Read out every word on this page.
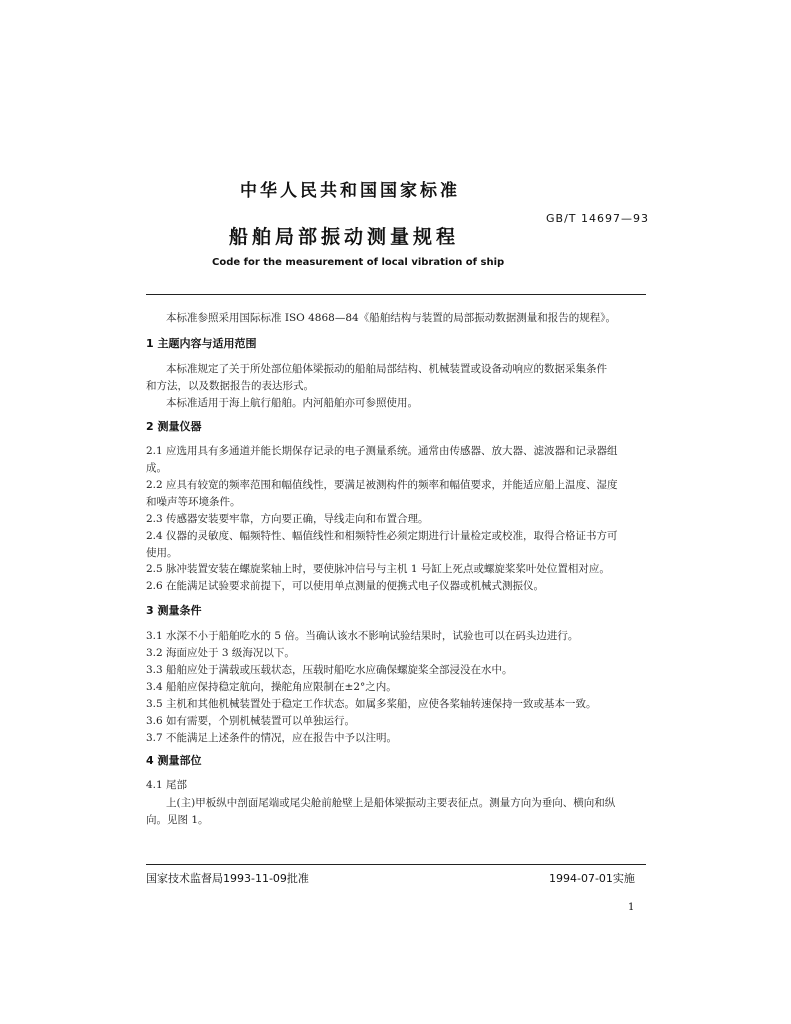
中华人民共和国国家标准
GB/T 14697—93
船舶局部振动测量规程
Code for the measurement of local vibration of ship
本标准参照采用国际标准 ISO 4868—84《船舶结构与装置的局部振动数据测量和报告的规程》。
1 主题内容与适用范围
本标准规定了关于所处部位船体梁振动的船舶局部结构、机械装置或设备动响应的数据采集条件
和方法，以及数据报告的表达形式。
本标准适用于海上航行船舶。内河船舶亦可参照使用。
2 测量仪器
2.1 应选用具有多通道并能长期保存记录的电子测量系统。通常由传感器、放大器、滤波器和记录器组
成。
2.2 应具有较宽的频率范围和幅值线性，要满足被测构件的频率和幅值要求，并能适应船上温度、湿度
和噪声等环境条件。
2.3 传感器安装要牢靠，方向要正确，导线走向和布置合理。
2.4 仪器的灵敏度、幅频特性、幅值线性和相频特性必须定期进行计量检定或校准，取得合格证书方可
使用。
2.5 脉冲装置安装在螺旋桨轴上时，要使脉冲信号与主机 1 号缸上死点或螺旋桨桨叶处位置相对应。
2.6 在能满足试验要求前提下，可以使用单点测量的便携式电子仪器或机械式测振仪。
3 测量条件
3.1 水深不小于船舶吃水的 5 倍。当确认该水不影响试验结果时，试验也可以在码头边进行。
3.2 海面应处于 3 级海况以下。
3.3 船舶应处于满载或压载状态，压载时船吃水应确保螺旋桨全部浸没在水中。
3.4 船舶应保持稳定航向，操舵角应限制在±2°之内。
3.5 主机和其他机械装置处于稳定工作状态。如属多桨船，应使各桨轴转速保持一致或基本一致。
3.6 如有需要，个别机械装置可以单独运行。
3.7 不能满足上述条件的情况，应在报告中予以注明。
4 测量部位
4.1 尾部
上(主)甲板纵中剖面尾端或尾尖舱前舱壁上是船体梁振动主要表征点。测量方向为垂向、横向和纵
向。见图 1。
国家技术监督局1993-11-09批准	1994-07-01实施
1
